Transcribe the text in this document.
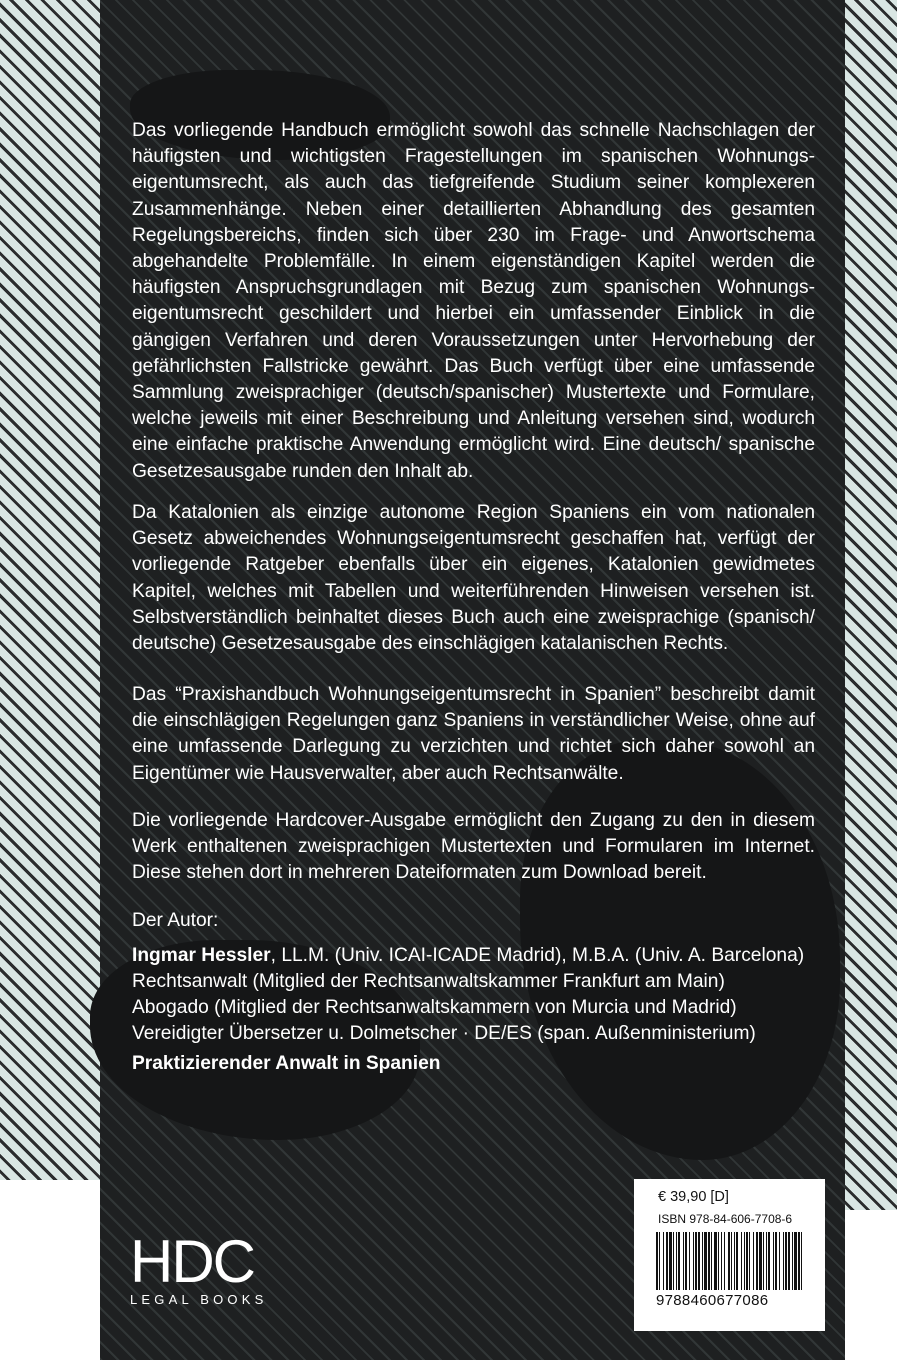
Das vorliegende Handbuch ermöglicht sowohl das schnelle Nachschlagen der häufigsten und wichtigsten Fragestellungen im spanischen Wohnungseigentumsrecht, als auch das tiefgreifende Studium seiner komplexeren Zusammenhänge. Neben einer detaillierten Abhandlung des gesamten Regelungsbereichs, finden sich über 230 im Frage- und Anwortschema abgehandelte Problemfälle. In einem eigenständigen Kapitel werden die häufigsten Anspruchsgrundlagen mit Bezug zum spanischen Wohnungseigentumsrecht geschildert und hierbei ein umfassender Einblick in die gängigen Verfahren und deren Voraussetzungen unter Hervorhebung der gefährlichsten Fallstricke gewährt. Das Buch verfügt über eine umfassende Sammlung zweisprachiger (deutsch/spanischer) Mustertexte und Formulare, welche jeweils mit einer Beschreibung und Anleitung versehen sind, wodurch eine einfache praktische Anwendung ermöglicht wird. Eine deutsch/ spanische Gesetzesausgabe runden den Inhalt ab.

Da Katalonien als einzige autonome Region Spaniens ein vom nationalen Gesetz abweichendes Wohnungseigentumsrecht geschaffen hat, verfügt der vorliegende Ratgeber ebenfalls über ein eigenes, Katalonien gewidmetes Kapitel, welches mit Tabellen und weiterführenden Hinweisen versehen ist. Selbstverständlich beinhaltet dieses Buch auch eine zweisprachige (spanisch/ deutsche) Gesetzesausgabe des einschlägigen katalanischen Rechts.

Das “Praxishandbuch Wohnungseigentumsrecht in Spanien” beschreibt damit die einschlägigen Regelungen ganz Spaniens in verständlicher Weise, ohne auf eine umfassende Darlegung zu verzichten und richtet sich daher sowohl an Eigentümer wie Hausverwalter, aber auch Rechtsanwälte.

Die vorliegende Hardcover-Ausgabe ermöglicht den Zugang zu den in diesem Werk enthaltenen zweisprachigen Mustertexten und Formularen im Internet. Diese stehen dort in mehreren Dateiformaten zum Download bereit.

Der Autor:
Ingmar Hessler, LL.M. (Univ. ICAI-ICADE Madrid), M.B.A. (Univ. A. Barcelona)
Rechtsanwalt (Mitglied der Rechtsanwaltskammer Frankfurt am Main)
Abogado (Mitglied der Rechtsanwaltskammern von Murcia und Madrid)
Vereidigter Übersetzer u. Dolmetscher · DE/ES (span. Außenministerium)
Praktizierender Anwalt in Spanien
HDC
LEGAL BOOKS
€ 39,90 [D]
ISBN 978-84-606-7708-6
9788460677086
